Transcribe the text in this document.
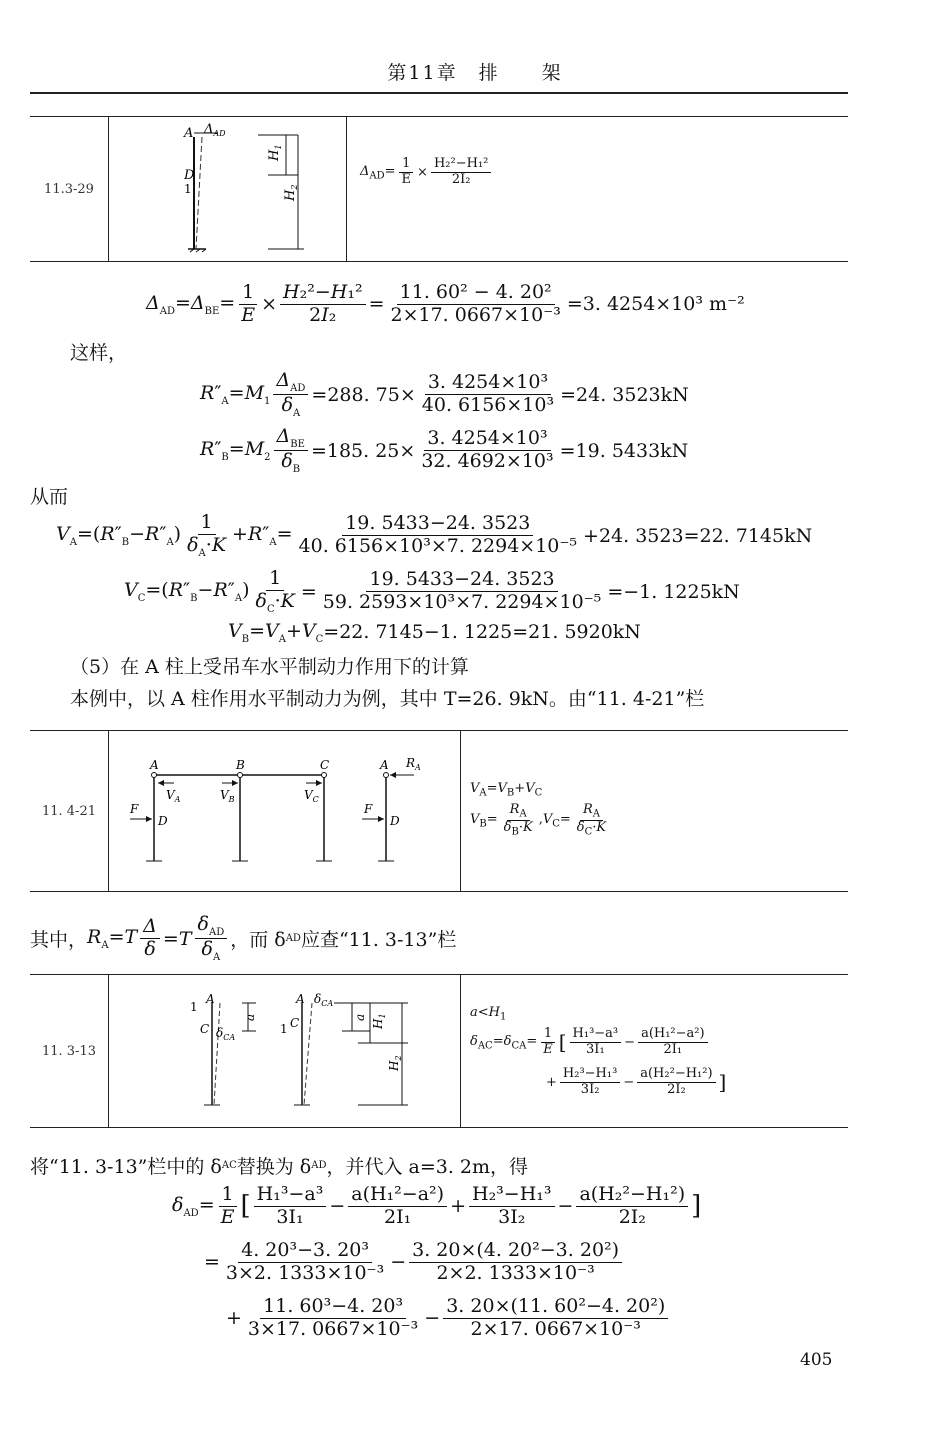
第11章　排　　架
11.3-29
A $\Delta_{AD}$
D
1
$H_1$
$H_2$
$\Delta_{AD}= \frac{1}{E} \times \frac{\text{H₂²−H₁²}}{\text{2I₂}}$
$\Delta_{AD}=\Delta_{BE}= \frac{1}{E} \times \frac{\text{H₂²−H₁²}}{\text{2I₂}} = \frac{\text{11. 60² − 4. 20²}}{\text{2×17. 0667×10⁻³}} =3$. 4254×10³ m⁻²
这样，
$R''_A=M_1 \frac{\Delta_{AD}}{\delta_A} =288$. $75\times \frac{\text{3. 4254×10³}}{\text{40. 6156×10³}} =24$. 3523kN
$R''_B=M_2 \frac{\Delta_{BE}}{\delta_B} =185$. $25\times \frac{\text{3. 4254×10³}}{\text{32. 4692×10³}} =19$. 5433kN
从而
$V_A=(R''_B-R''_A) \frac{1}{\delta_A\cdot K} +R''_A= \frac{19. 5433-24. 3523}{\text{40. 6156×10³×7. 2294×10⁻⁵}} +24$. 3523=22. 7145kN
$V_C=(R''_B-R''_A) \frac{1}{\delta_C\cdot K} = \frac{19. 5433-24. 3523}{\text{59. 2593×10³×7. 2294×10⁻⁵}} =-1$. 1225kN
$V_B=V_A+V_C =22$. 7145−1. 1225=21. 5920kN
（5）在 A 柱上受吊车水平制动力作用下的计算
本例中，以 A 柱作用水平制动力为例，其中 T=26. 9kN。由“11. 4-21”栏
11. 4-21
A	B	C
$V_A$	$V_B$	$V_C$
F
D
A $R_A$
F
D
$V_A=V_B+V_C$
$V_B= \frac{R_A}{\delta_B\cdot K} ,V_C= \frac{R_A}{\delta_C\cdot K}$
其中， $R_A=T \frac{\Delta}{\delta} =T \frac{\delta_{AD}}{\delta_A}$ ，而 δ AD 应查“11. 3-13”栏
11. 3-13
1
A
C $\delta_{CA}$
a
A $\delta_{CA}$
1 C	a
$H_1$
$H_2$
$a<H_1$
$\delta_{AC}=\delta_{CA}= \frac{1}{E}$ [ $\frac{\text{H₁³−a³}}{\text{3I₁}} - \frac{\text{a(H₁²−a²)}}{\text{2I₁}}$
+ $\frac{\text{H₂³−H₁³}}{\text{3I₂}} - \frac{\text{a(H₂²−H₁²)}}{\text{2I₂}}$ ]
将“11. 3-13”栏中的 δ AC 替换为 δ AD ，并代入 a=3. 2m，得
$\delta_{AD}= \frac{1}{E}$ [ $\frac{\text{H₁³−a³}}{\text{3I₁}} - \frac{\text{a(H₁²−a²)}}{\text{2I₁}} + \frac{\text{H₂³−H₁³}}{\text{3I₂}} - \frac{\text{a(H₂²−H₁²)}}{\text{2I₂}}$ ]
= $\frac{\text{4. 20³−3. 20³}}{\text{3×2. 1333×10⁻³}} - \frac{\text{3. 20×(4. 20²−3. 20²)}}{\text{2×2. 1333×10⁻³}}$
+ $\frac{\text{11. 60³−4. 20³}}{\text{3×17. 0667×10⁻³}} - \frac{\text{3. 20×(11. 60²−4. 20²)}}{\text{2×17. 0667×10⁻³}}$
405
